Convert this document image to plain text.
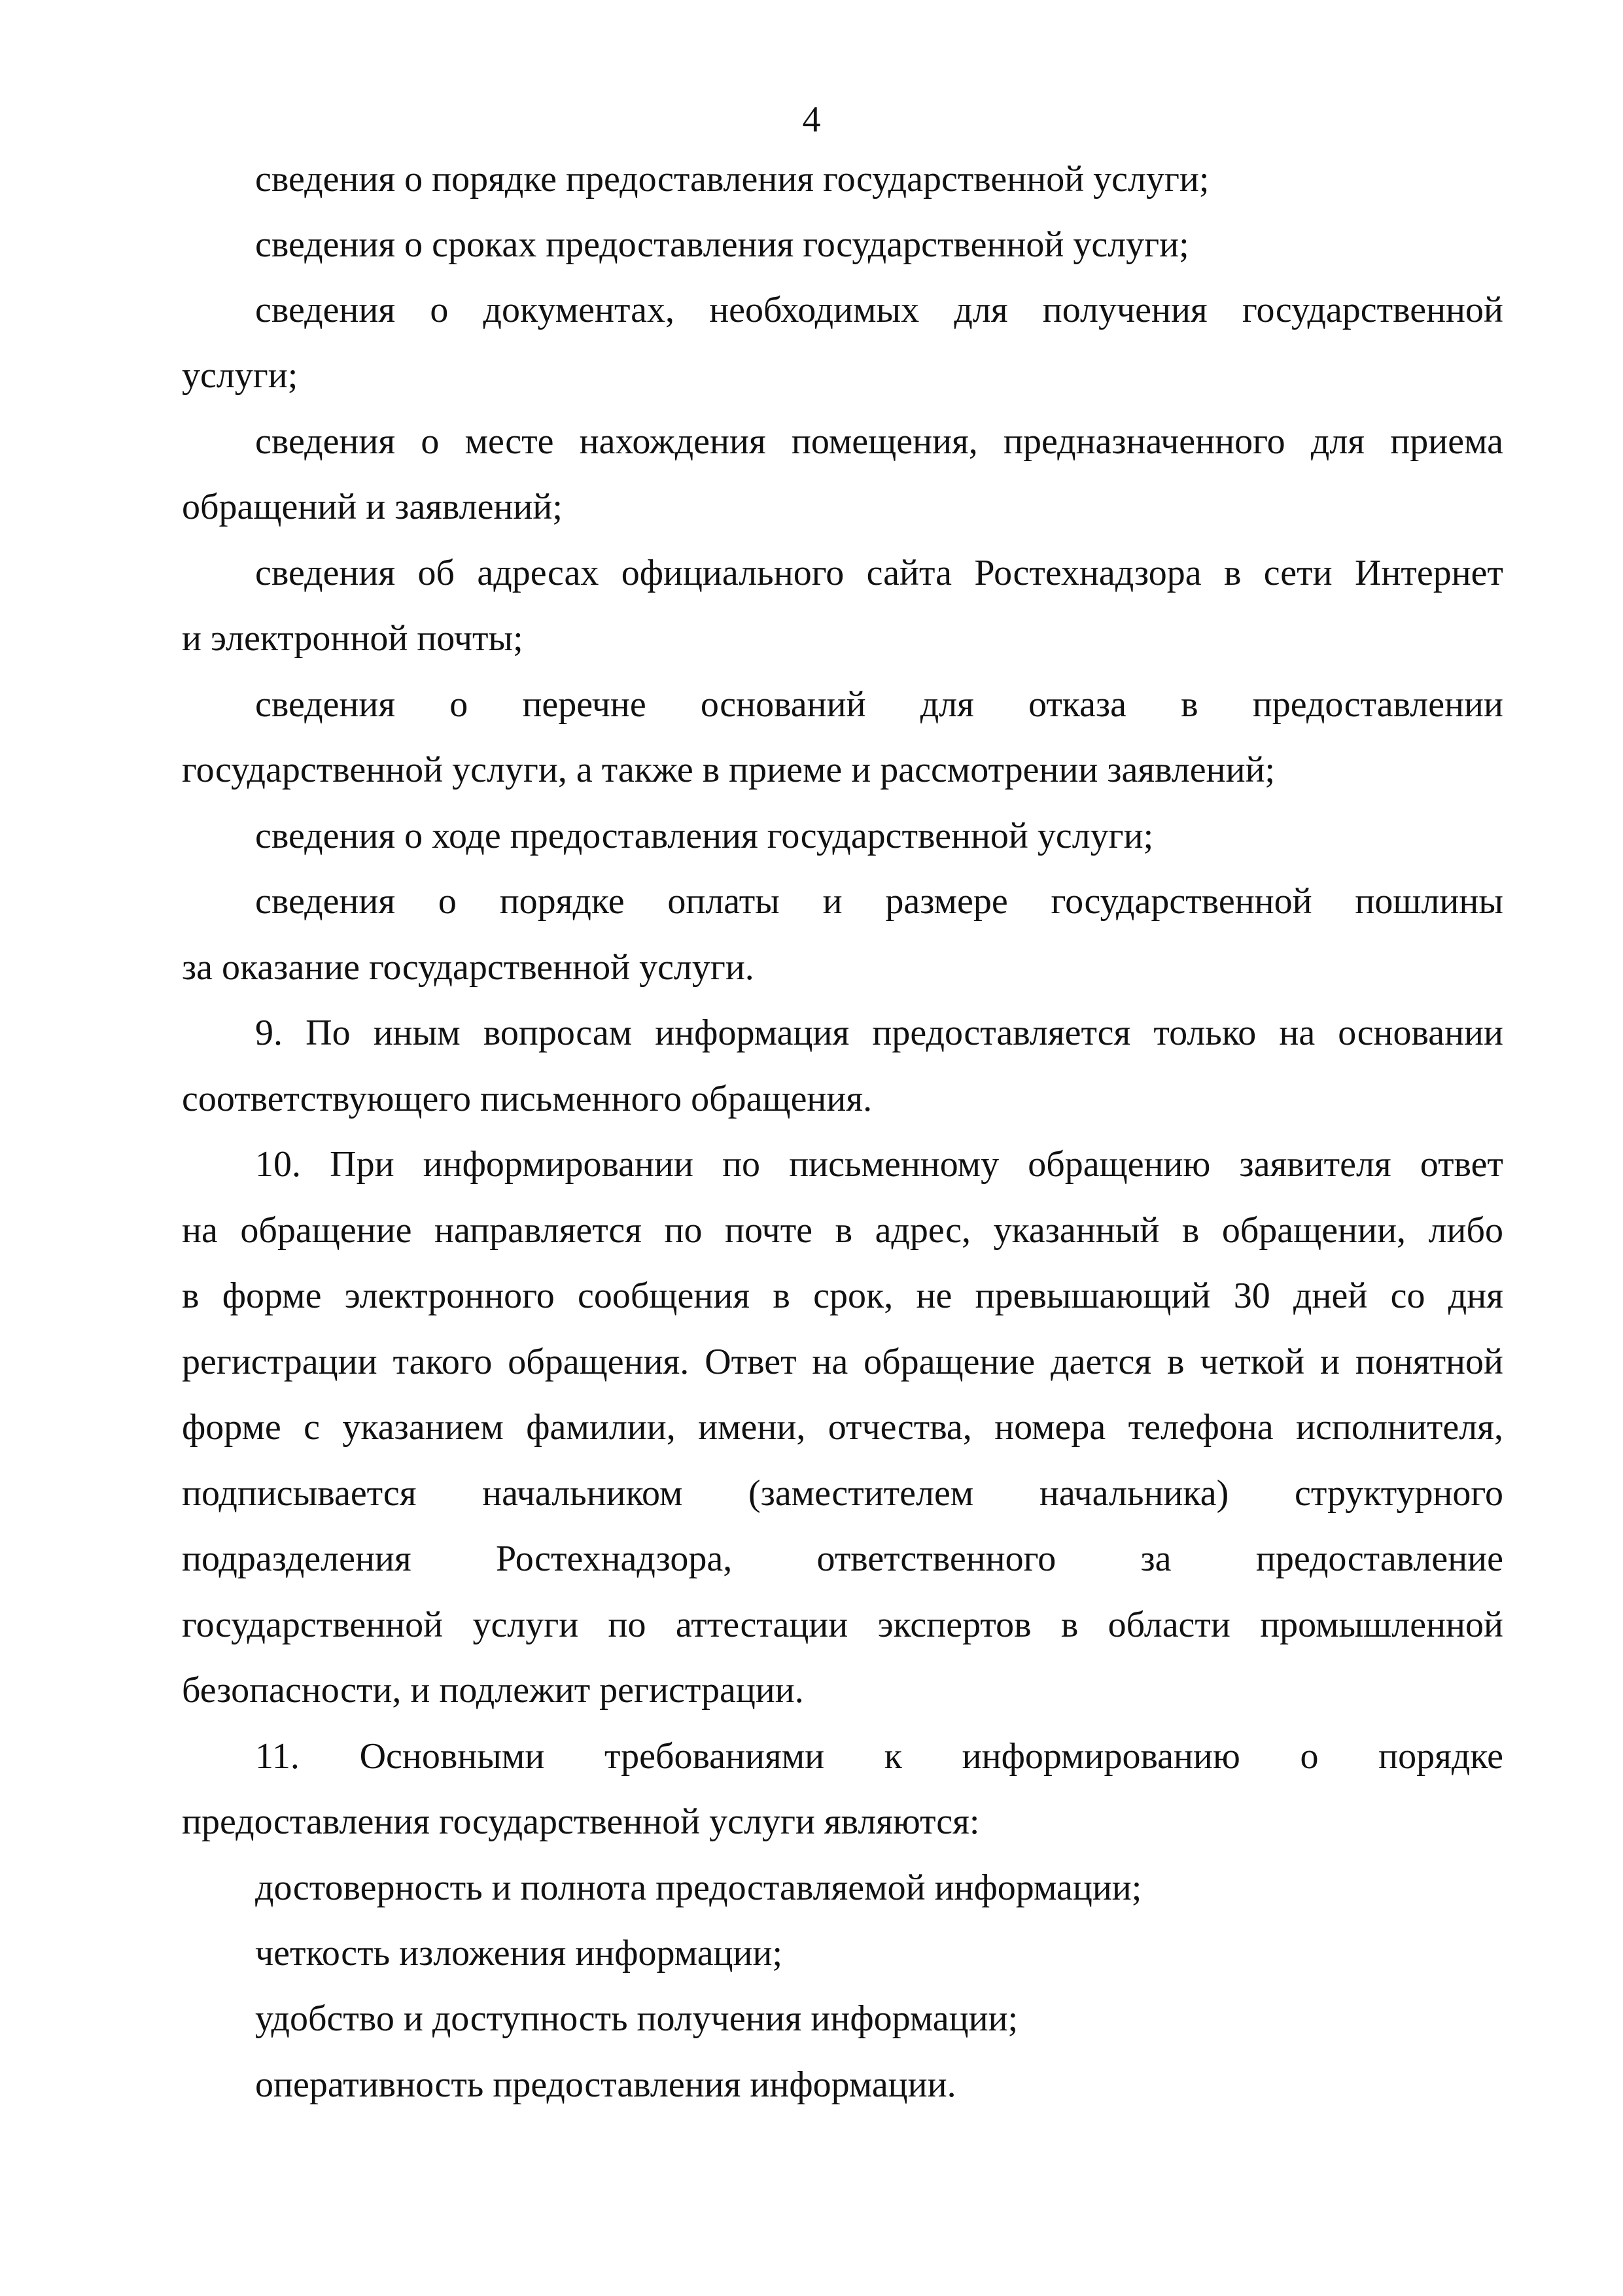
4
сведения о порядке предоставления государственной услуги;
сведения о сроках предоставления государственной услуги;
сведения о документах, необходимых для получения государственной
услуги;
сведения о месте нахождения помещения, предназначенного для приема
обращений и заявлений;
сведения об адресах официального сайта Ростехнадзора в сети Интернет
и электронной почты;
сведения о перечне оснований для отказа в предоставлении
государственной услуги, а также в приеме и рассмотрении заявлений;
сведения о ходе предоставления государственной услуги;
сведения о порядке оплаты и размере государственной пошлины
за оказание государственной услуги.
9. По иным вопросам информация предоставляется только на основании
соответствующего письменного обращения.
10. При информировании по письменному обращению заявителя ответ
на обращение направляется по почте в адрес, указанный в обращении, либо
в форме электронного сообщения в срок, не превышающий 30 дней со дня
регистрации такого обращения. Ответ на обращение дается в четкой и понятной
форме с указанием фамилии, имени, отчества, номера телефона исполнителя,
подписывается начальником (заместителем начальника) структурного
подразделения Ростехнадзора, ответственного за предоставление
государственной услуги по аттестации экспертов в области промышленной
безопасности, и подлежит регистрации.
11. Основными требованиями к информированию о порядке
предоставления государственной услуги являются:
достоверность и полнота предоставляемой информации;
четкость изложения информации;
удобство и доступность получения информации;
оперативность предоставления информации.
